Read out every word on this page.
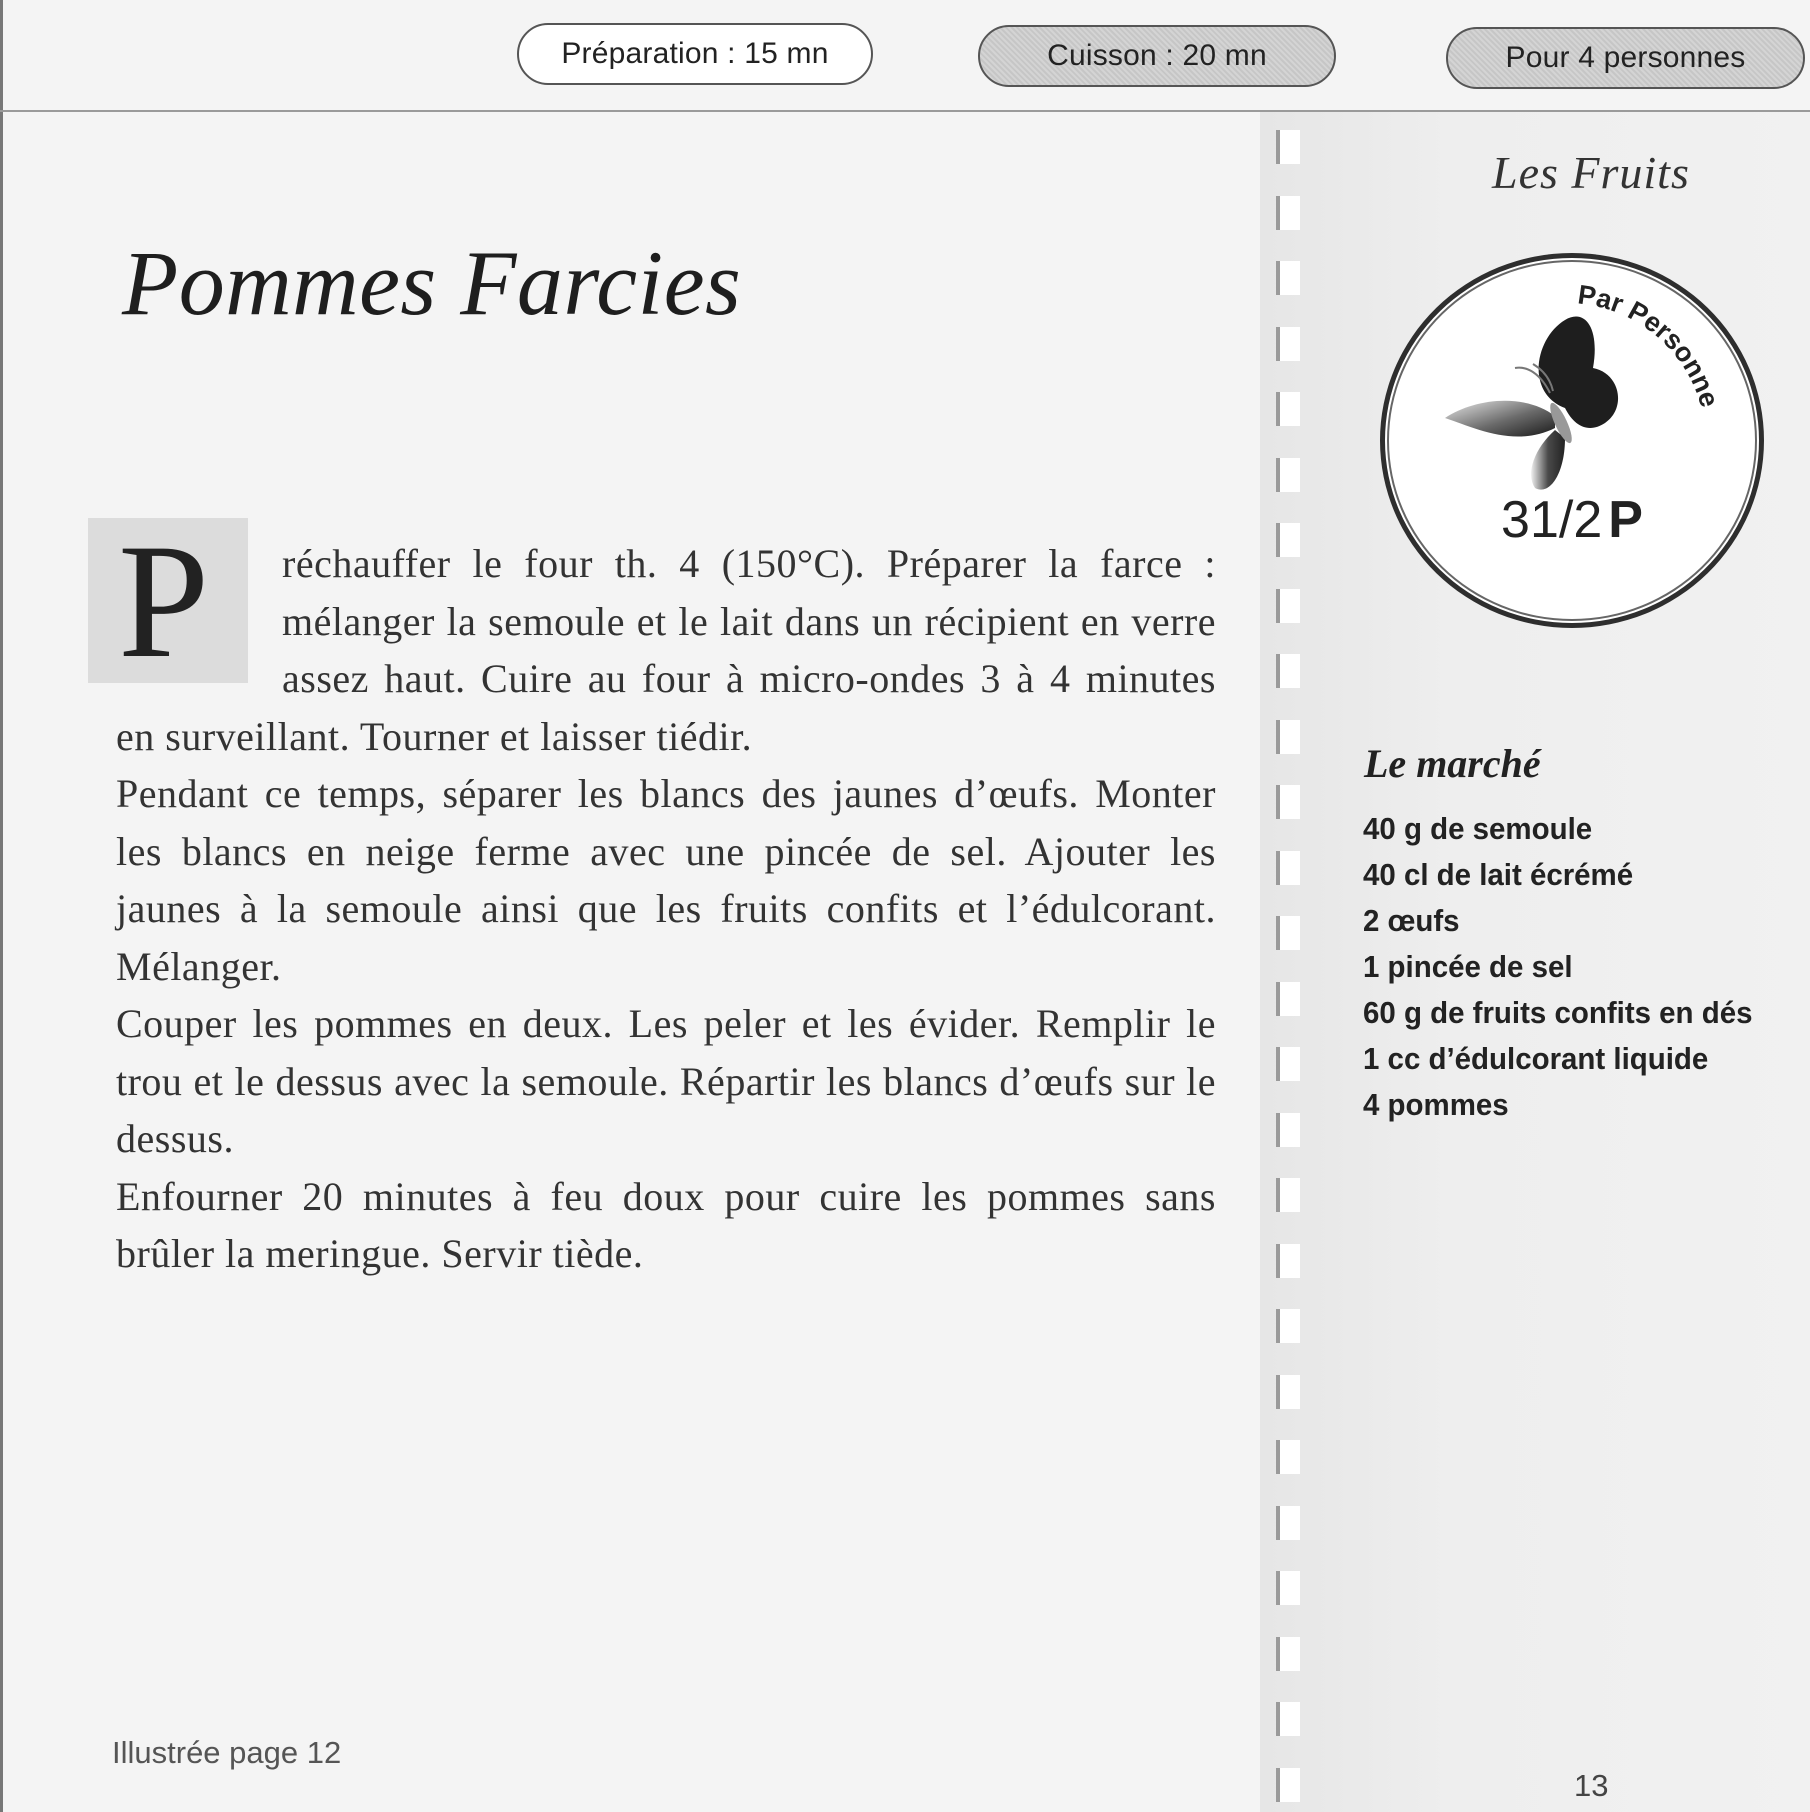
Préparation : 15 mn	Cuisson : 20 mn	Pour 4 personnes
Pommes Farcies
P	réchauffer le four th. 4 (150°C). Préparer la farce : mélanger la semoule et le lait dans un récipient en verre assez haut. Cuire au four à micro-ondes 3 à 4 minutes en surveillant. Tourner et laisser tiédir.

Pendant ce temps, séparer les blancs des jaunes d’œufs. Monter les blancs en neige ferme avec une pincée de sel. Ajouter les jaunes à la semoule ainsi que les fruits confits et l’édulcorant. Mélanger.

Couper les pommes en deux. Les peler et les évider. Remplir le trou et le dessus avec la semoule. Répartir les blancs d’œufs sur le dessus.

Enfourner 20 minutes à feu doux pour cuire les pommes sans brûler la meringue. Servir tiède.

Illustrée page 12
13
Les Fruits
Par Personne
31/2 P
Le marché
40 g de semoule
40 cl de lait écrémé
2 œufs
1 pincée de sel
60 g de fruits confits en dés
1 cc d’édulcorant liquide
4 pommes
